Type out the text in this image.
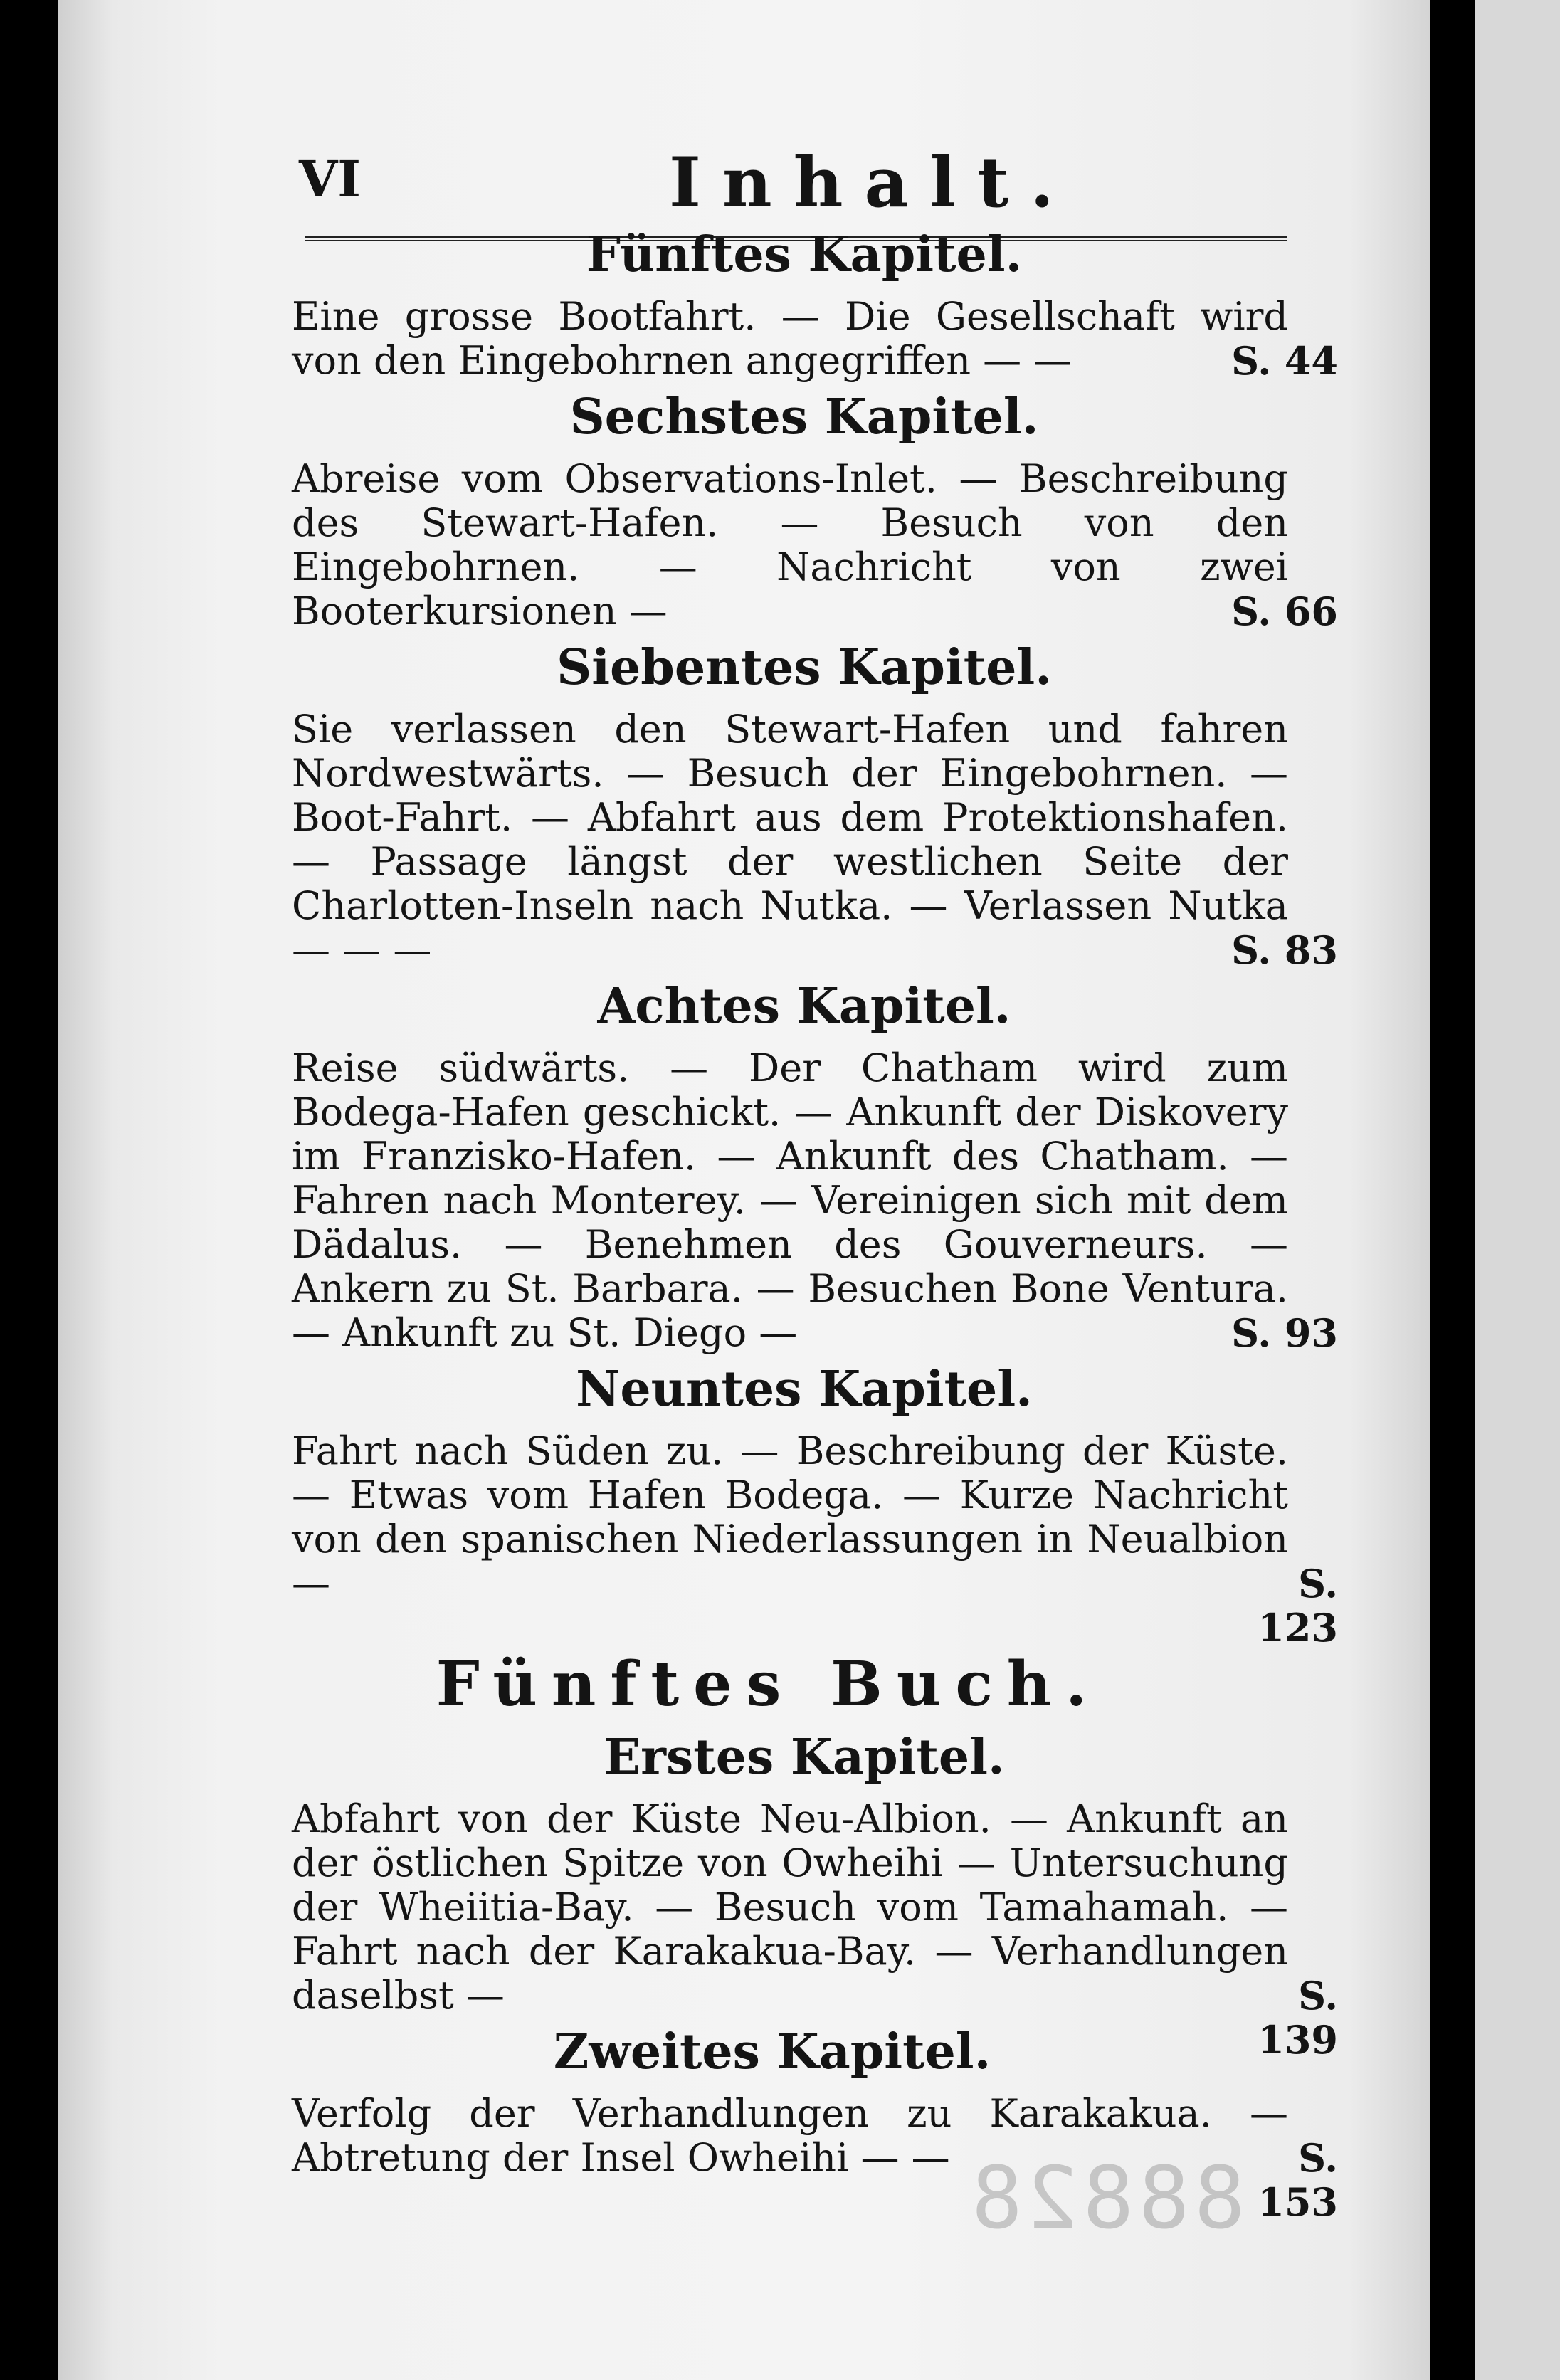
88828
VI	Inhalt.
Fünftes Kapitel.
Eine grosse Bootfahrt. — Die Gesellschaft wird von den Eingebohrnen angegriffen — —	S. 44
Sechstes Kapitel.
Abreise vom Observations-Inlet. — Beschreibung des Stewart-Hafen. — Besuch von den Eingebohrnen. — Nachricht von zwei Booterkursionen —	S. 66
Siebentes Kapitel.
Sie verlassen den Stewart-Hafen und fahren Nordwestwärts. — Besuch der Eingebohrnen. — Boot-Fahrt. — Abfahrt aus dem Protektionshafen. — Passage längst der westlichen Seite der Charlotten-Inseln nach Nutka. — Verlassen Nutka — — —	S. 83
Achtes Kapitel.
Reise südwärts. — Der Chatham wird zum Bodega-Hafen geschickt. — Ankunft der Diskovery im Franzisko-Hafen. — Ankunft des Chatham. — Fahren nach Monterey. — Vereinigen sich mit dem Dädalus. — Benehmen des Gouverneurs. — Ankern zu St. Barbara. — Besuchen Bone Ventura. — Ankunft zu St. Diego —	S. 93
Neuntes Kapitel.
Fahrt nach Süden zu. — Beschreibung der Küste. — Etwas vom Hafen Bodega. — Kurze Nachricht von den spanischen Niederlassungen in Neualbion —	S. 123
Fünftes Buch.
Erstes Kapitel.
Abfahrt von der Küste Neu-Albion. — Ankunft an der östlichen Spitze von Owheihi — Untersuchung der Wheiitia-Bay. — Besuch vom Tamahamah. — Fahrt nach der Karakakua-Bay. — Verhandlungen daselbst —	S. 139
Zweites Kapitel.
Verfolg der Verhandlungen zu Karakakua. — Abtretung der Insel Owheihi — —	S. 153
